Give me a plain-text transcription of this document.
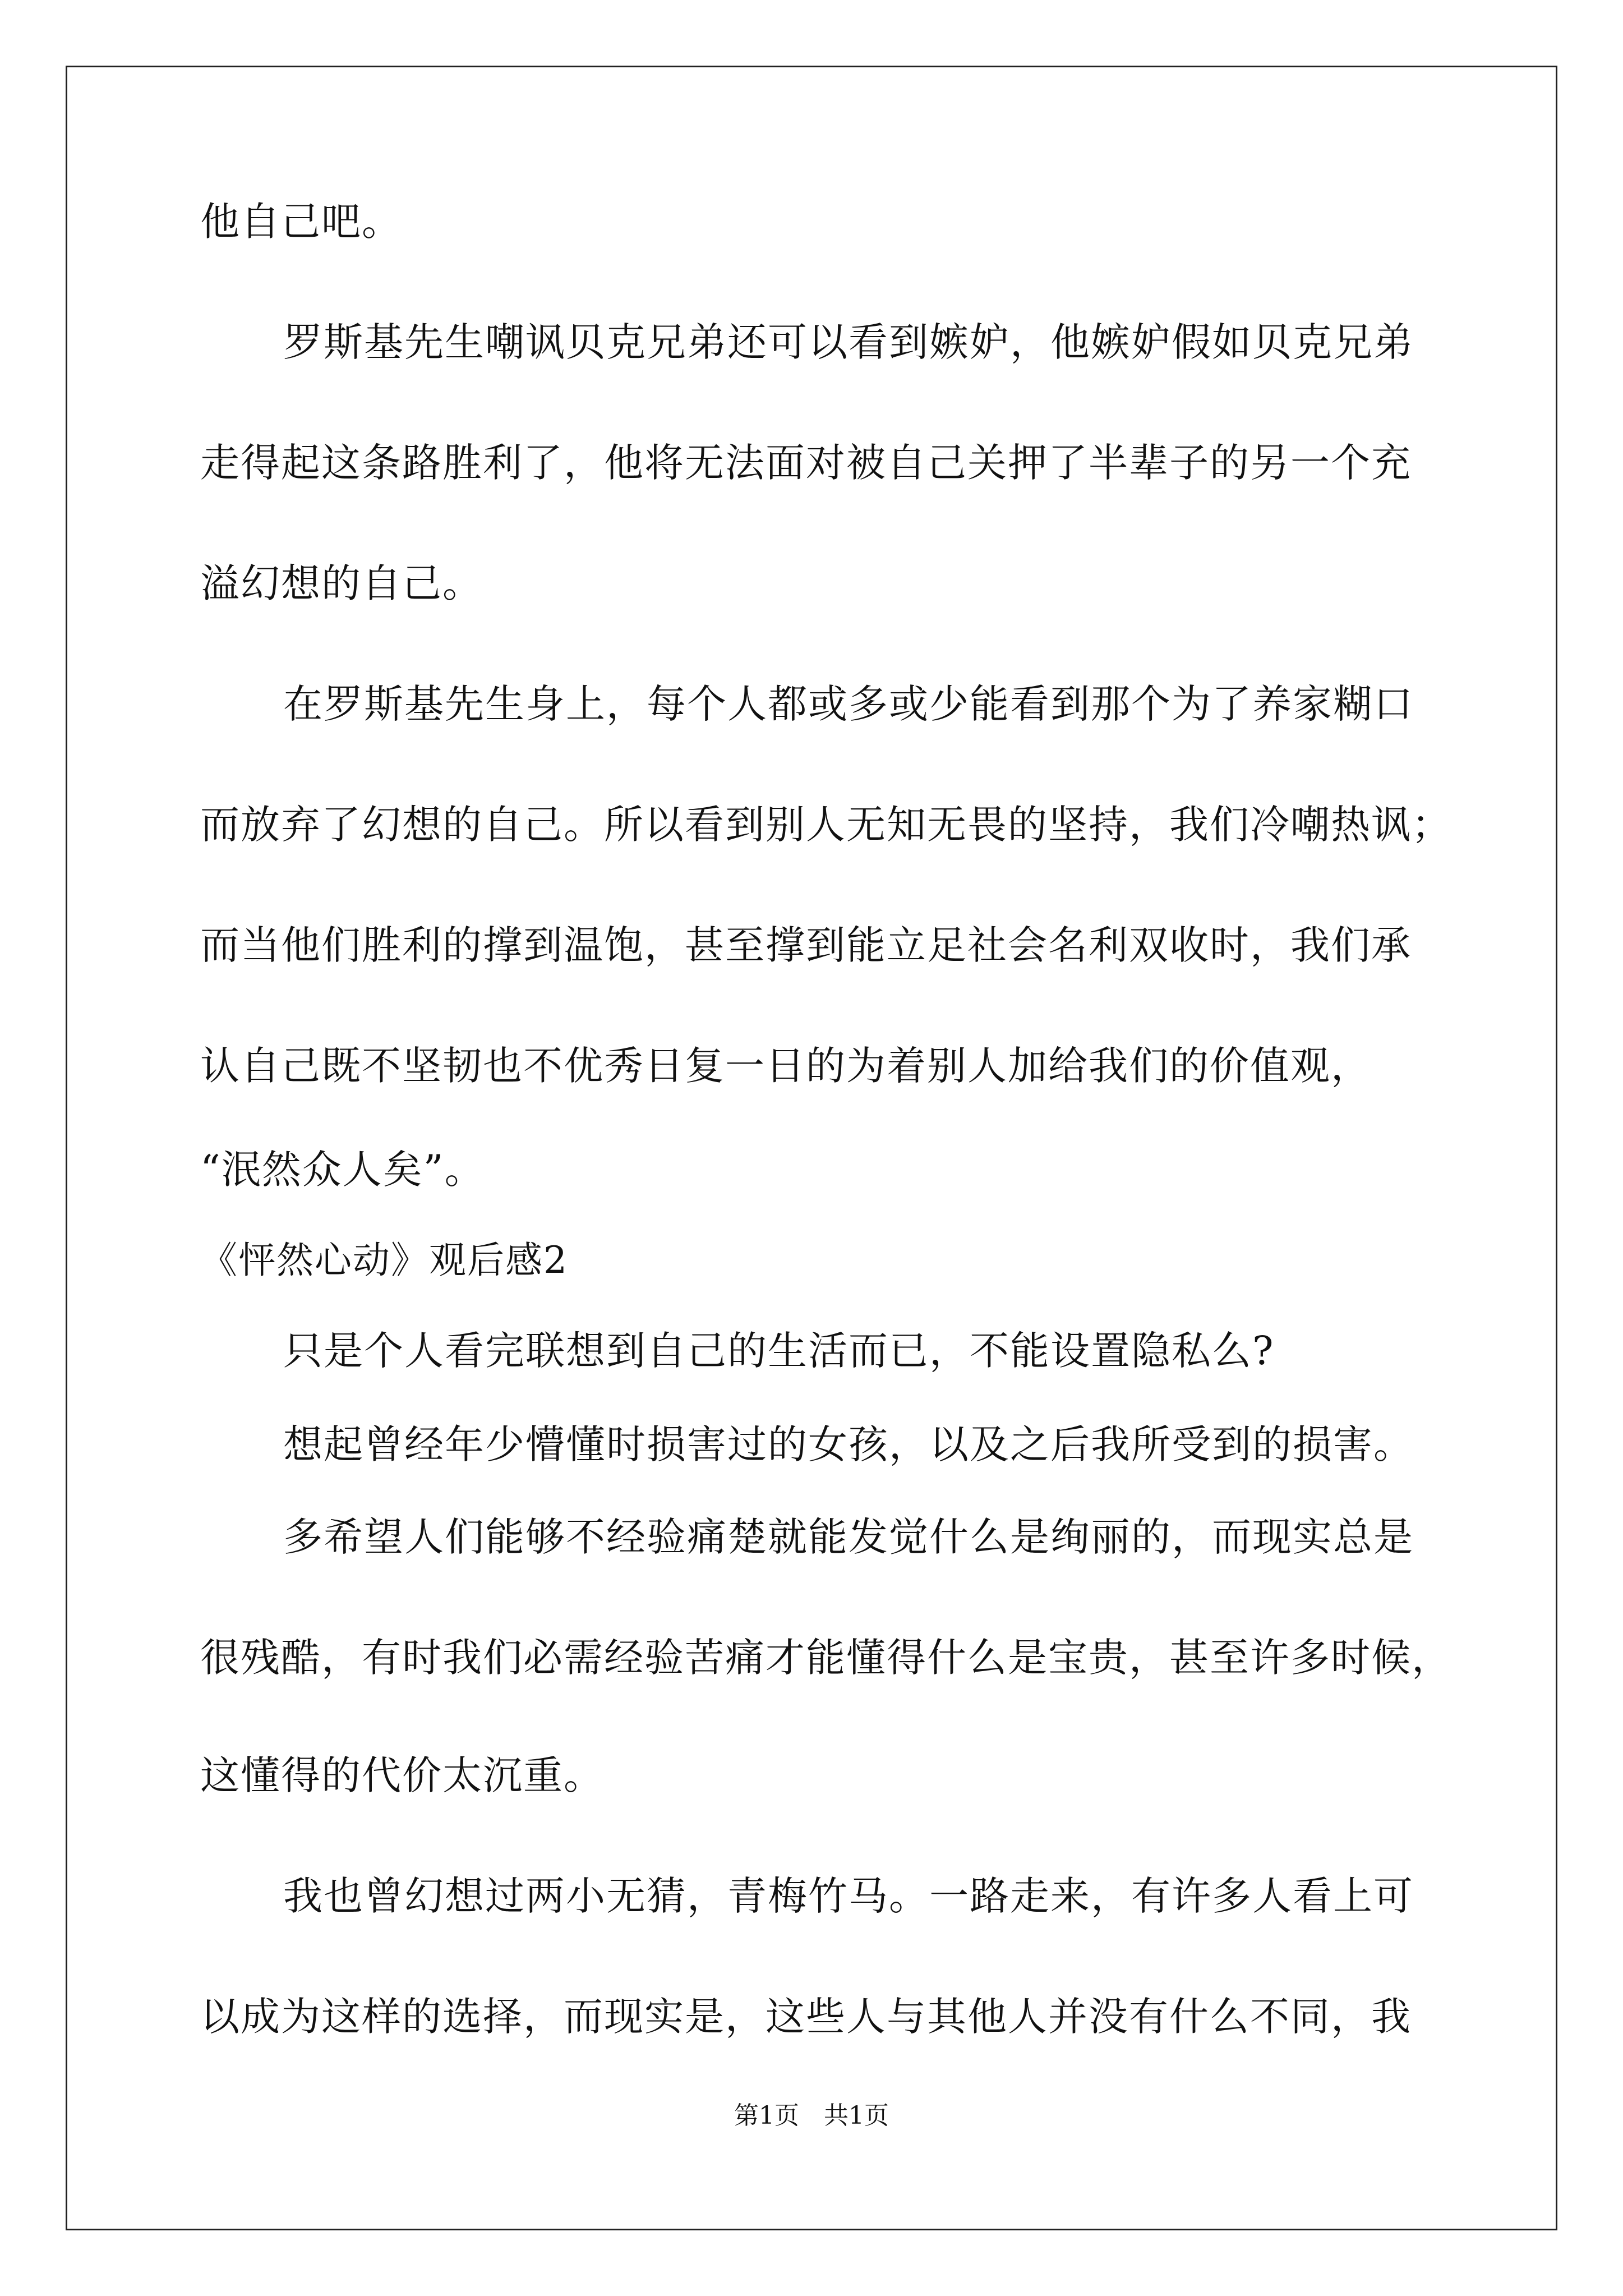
他自己吧。
罗斯基先生嘲讽贝克兄弟还可以看到嫉妒，他嫉妒假如贝克兄弟
走得起这条路胜利了，他将无法面对被自己关押了半辈子的另一个充
溢幻想的自己。
在罗斯基先生身上，每个人都或多或少能看到那个为了养家糊口
而放弃了幻想的自己。所以看到别人无知无畏的坚持，我们冷嘲热讽；
而当他们胜利的撑到温饱，甚至撑到能立足社会名利双收时，我们承
认自己既不坚韧也不优秀日复一日的为着别人加给我们的价值观，
“泯然众人矣”。
《怦然心动》观后感2
只是个人看完联想到自己的生活而已，不能设置隐私么?
想起曾经年少懵懂时损害过的女孩，以及之后我所受到的损害。
多希望人们能够不经验痛楚就能发觉什么是绚丽的，而现实总是
很残酷，有时我们必需经验苦痛才能懂得什么是宝贵，甚至许多时候，
这懂得的代价太沉重。
我也曾幻想过两小无猜，青梅竹马。一路走来，有许多人看上可
以成为这样的选择，而现实是，这些人与其他人并没有什么不同，我
第1页　共1页
